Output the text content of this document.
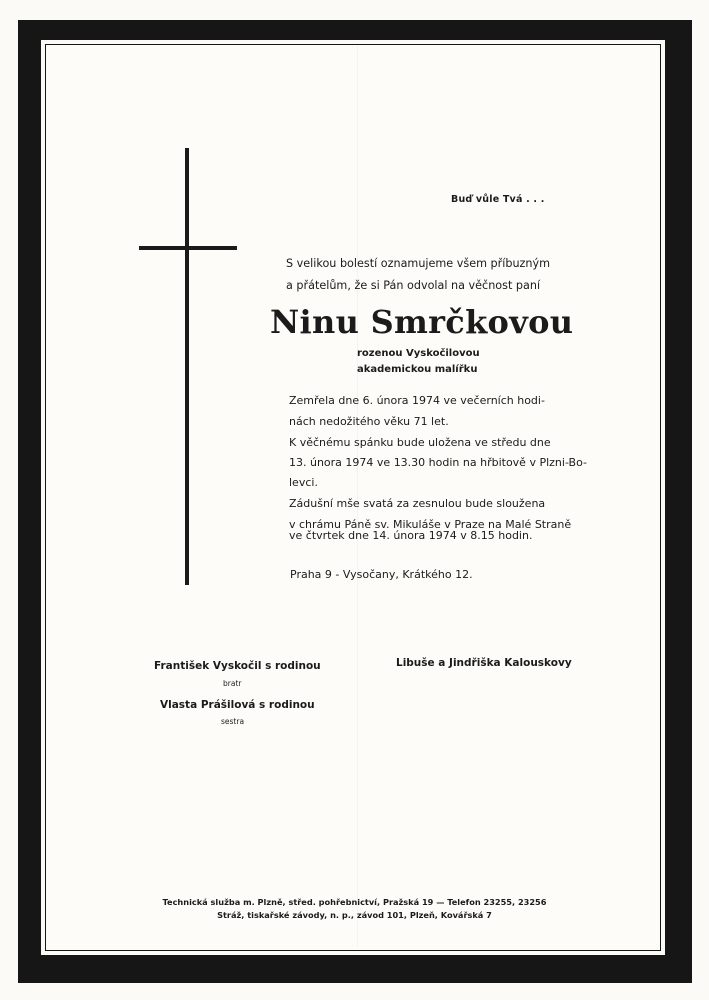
Buď vůle Tvá . . .
S velikou bolestí oznamujeme všem příbuzným
a přátelům, že si Pán odvolal na věčnost paní
Ninu Smrčkovou
rozenou Vyskočilovou
akademickou malířku
Zemřela dne 6. února 1974 ve večerních hodi-
nách nedožitého věku 71 let.
K věčnému spánku bude uložena ve středu dne
13. února 1974 ve 13.30 hodin na hřbitově v Plzni-Bo-
levci.
Zádušní mše svatá za zesnulou bude sloužena
v chrámu Páně sv. Mikuláše v Praze na Malé Straně
ve čtvrtek dne 14. února 1974 v 8.15 hodin.
Praha 9 - Vysočany, Krátkého 12.
František Vyskočil s rodinou
bratr
Vlasta Prášilová s rodinou
sestra
Libuše a Jindřiška Kalouskovy
Technická služba m. Plzně, střed. pohřebnictví, Pražská 19 — Telefon 23255, 23256
Stráž, tiskařské závody, n. p., závod 101, Plzeň, Kovářská 7
